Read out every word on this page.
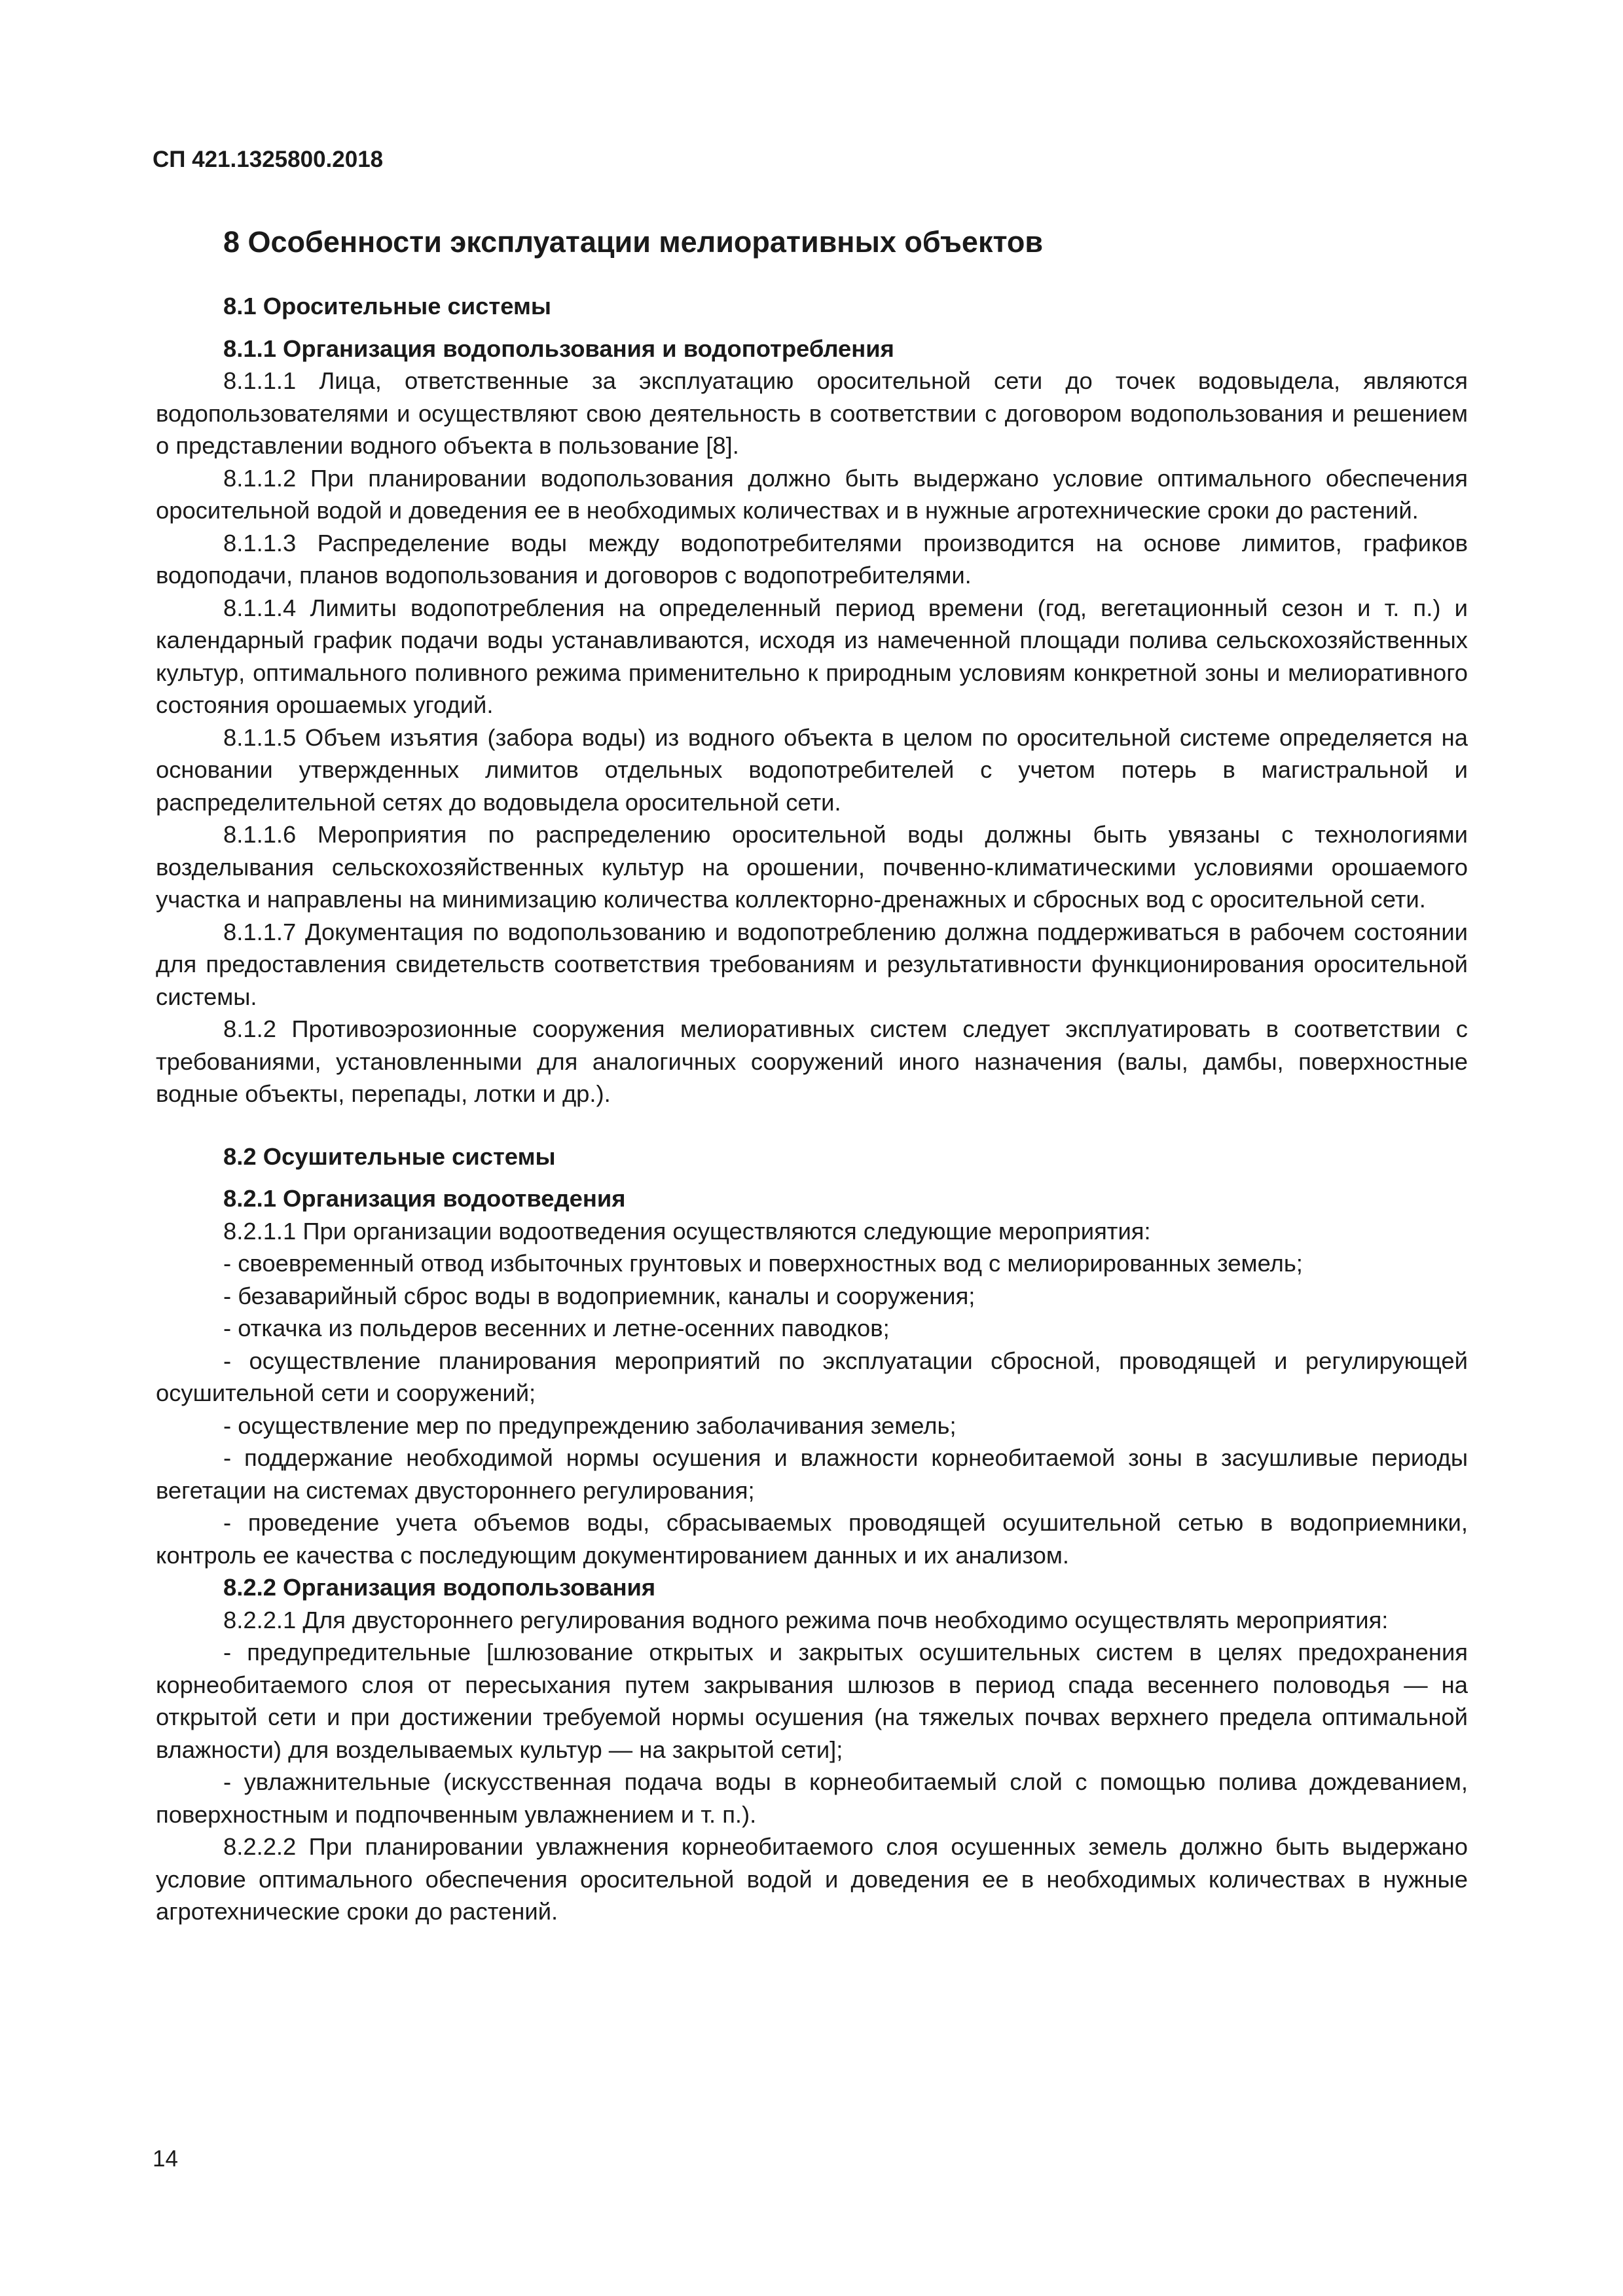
СП 421.1325800.2018
8 Особенности эксплуатации мелиоративных объектов
8.1 Оросительные системы
8.1.1 Организация водопользования и водопотребления

8.1.1.1 Лица, ответственные за эксплуатацию оросительной сети до точек водовыдела, являются водопользователями и осуществляют свою деятельность в соответствии с договором водопользования и решением о представлении водного объекта в пользование [8].

8.1.1.2 При планировании водопользования должно быть выдержано условие оптимального обеспечения оросительной водой и доведения ее в необходимых количествах и в нужные агротехнические сроки до растений.

8.1.1.3 Распределение воды между водопотребителями производится на основе лимитов, графиков водоподачи, планов водопользования и договоров с водопотребителями.

8.1.1.4 Лимиты водопотребления на определенный период времени (год, вегетационный сезон и т. п.) и календарный график подачи воды устанавливаются, исходя из намеченной площади полива сельскохозяйственных культур, оптимального поливного режима применительно к природным условиям конкретной зоны и мелиоративного состояния орошаемых угодий.

8.1.1.5 Объем изъятия (забора воды) из водного объекта в целом по оросительной системе определяется на основании утвержденных лимитов отдельных водопотребителей с учетом потерь в магистральной и распределительной сетях до водовыдела оросительной сети.

8.1.1.6 Мероприятия по распределению оросительной воды должны быть увязаны с технологиями возделывания сельскохозяйственных культур на орошении, почвенно-климатическими условиями орошаемого участка и направлены на минимизацию количества коллекторно-дренажных и сбросных вод с оросительной сети.

8.1.1.7 Документация по водопользованию и водопотреблению должна поддерживаться в рабочем состоянии для предоставления свидетельств соответствия требованиям и результативности функционирования оросительной системы.

8.1.2 Противоэрозионные сооружения мелиоративных систем следует эксплуатировать в соответствии с требованиями, установленными для аналогичных сооружений иного назначения (валы, дамбы, поверхностные водные объекты, перепады, лотки и др.).

8.2 Осушительные системы
8.2.1 Организация водоотведения

8.2.1.1 При организации водоотведения осуществляются следующие мероприятия:

- своевременный отвод избыточных грунтовых и поверхностных вод с мелиорированных земель;

- безаварийный сброс воды в водоприемник, каналы и сооружения;

- откачка из польдеров весенних и летне-осенних паводков;

- осуществление планирования мероприятий по эксплуатации сбросной, проводящей и регулирующей осушительной сети и сооружений;

- осуществление мер по предупреждению заболачивания земель;

- поддержание необходимой нормы осушения и влажности корнеобитаемой зоны в засушливые периоды вегетации на системах двустороннего регулирования;

- проведение учета объемов воды, сбрасываемых проводящей осушительной сетью в водоприемники, контроль ее качества с последующим документированием данных и их анализом.

8.2.2 Организация водопользования

8.2.2.1 Для двустороннего регулирования водного режима почв необходимо осуществлять мероприятия:

- предупредительные [шлюзование открытых и закрытых осушительных систем в целях предохранения корнеобитаемого слоя от пересыхания путем закрывания шлюзов в период спада весеннего половодья — на открытой сети и при достижении требуемой нормы осушения (на тяжелых почвах верхнего предела оптимальной влажности) для возделываемых культур — на закрытой сети];

- увлажнительные (искусственная подача воды в корнеобитаемый слой с помощью полива дождеванием, поверхностным и подпочвенным увлажнением и т. п.).

8.2.2.2 При планировании увлажнения корнеобитаемого слоя осушенных земель должно быть выдержано условие оптимального обеспечения оросительной водой и доведения ее в необходимых количествах в нужные агротехнические сроки до растений.

14
